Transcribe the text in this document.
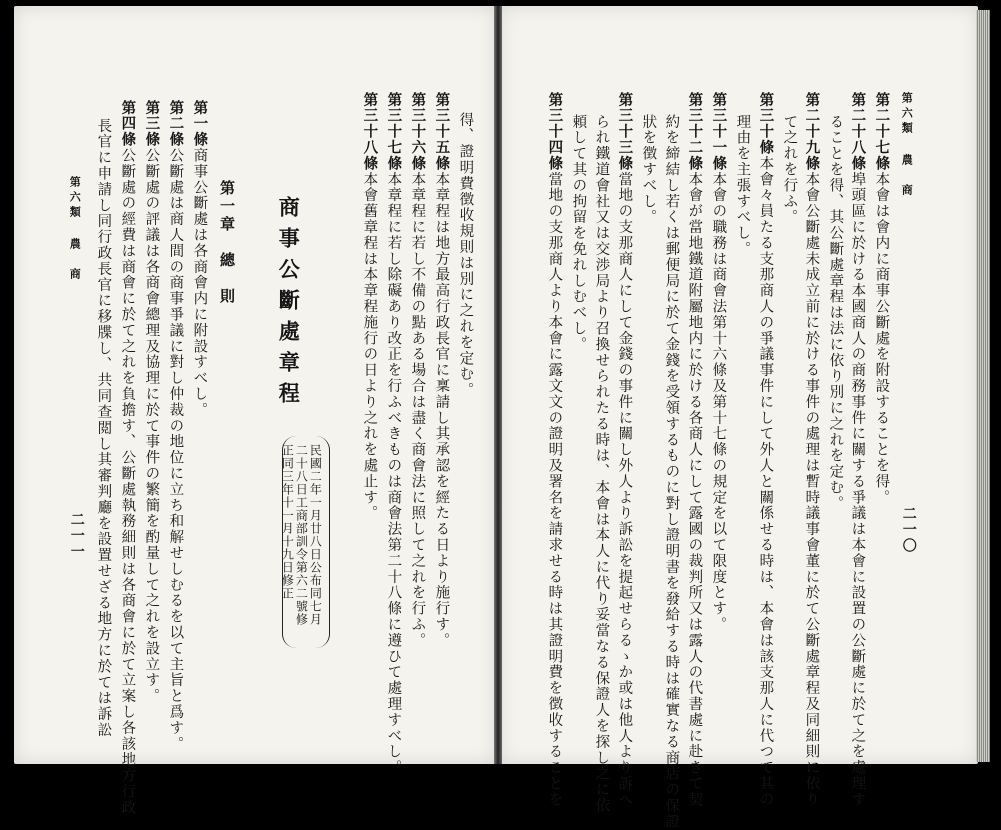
第六類 農　商
二一〇
第二十七條本會は會内に商事公斷處を附設することを得。
第二十八條埠頭區に於ける本國商人の商務事件に關する爭議は本會に設置の公斷處に於て之を處理す
ることを得、其公斷處章程は法に依り別に之れを定む。
第二十九條本會公斷處未成立前に於ける事件の處理は暫時議事會董に於て公斷處章程及同細則に依り
て之れを行ふ。
第三十條本會々員たる支那商人の爭議事件にして外人と關係せる時は、本會は該支那人に代つて其の
理由を主張すべし。
第三十一條本會の職務は商會法第十六條及第十七條の規定を以て限度とす。
第三十二條本會が當地鐵道附屬地内に於ける各商人にして露國の裁判所又は露人の代書處に赴きて契
約を締結し若くは郵便局に於て金錢を受領するものに對し證明書を發給する時は確實なる商店の保證
狀を徴すべし。
第三十三條當地の支那商人にして金錢の事件に關し外人より訴訟を提起せらるゝか或は他人より訴へ
られ鐵道會社又は交渉局より召換せられたる時は、本會は本人に代り妥當なる保證人を探し之に依
頼して其の拘留を免れしむべし。
第三十四條當地の支那商人より本會に露文文の證明及署名を請求せる時は其證明費を徴收することを
得、證明費徴收規則は別に之れを定む。
第三十五條本章程は地方最高行政長官に稟請し其承認を經たる日より施行す。
第三十六條本章程に若し不備の點ある場合は盡く商會法に照して之れを行ふ。
第三十七條本章程に若し除礙あり改正を行ふべきものは商會法第二十八條に遵ひて處理すべし。
第三十八條本會舊章程は本章程施行の日より之れを處止す。
商事公斷處章程
民國二年一月廿八日公布同七月
二十八日工商部訓令第六二號修
正同三年十一月十九日修正
第一章　總　則
第一條商事公斷處は各商會内に附設すべし。
第二條公斷處は商人間の商事爭議に對し仲裁の地位に立ち和解せしむるを以て主旨と爲す。
第三條公斷處の評議は各商會總理及協理に於て事件の繁簡を酌量して之れを設立す。
第四條公斷處の經費は商會に於て之れを負擔す、公斷處執務細則は各商會に於て立案し各該地方行政
長官に申請し同行政長官に移牒し、共同查閲し其審判廳を設置せざる地方に於ては訴訟
第六類 農　商
二一一
